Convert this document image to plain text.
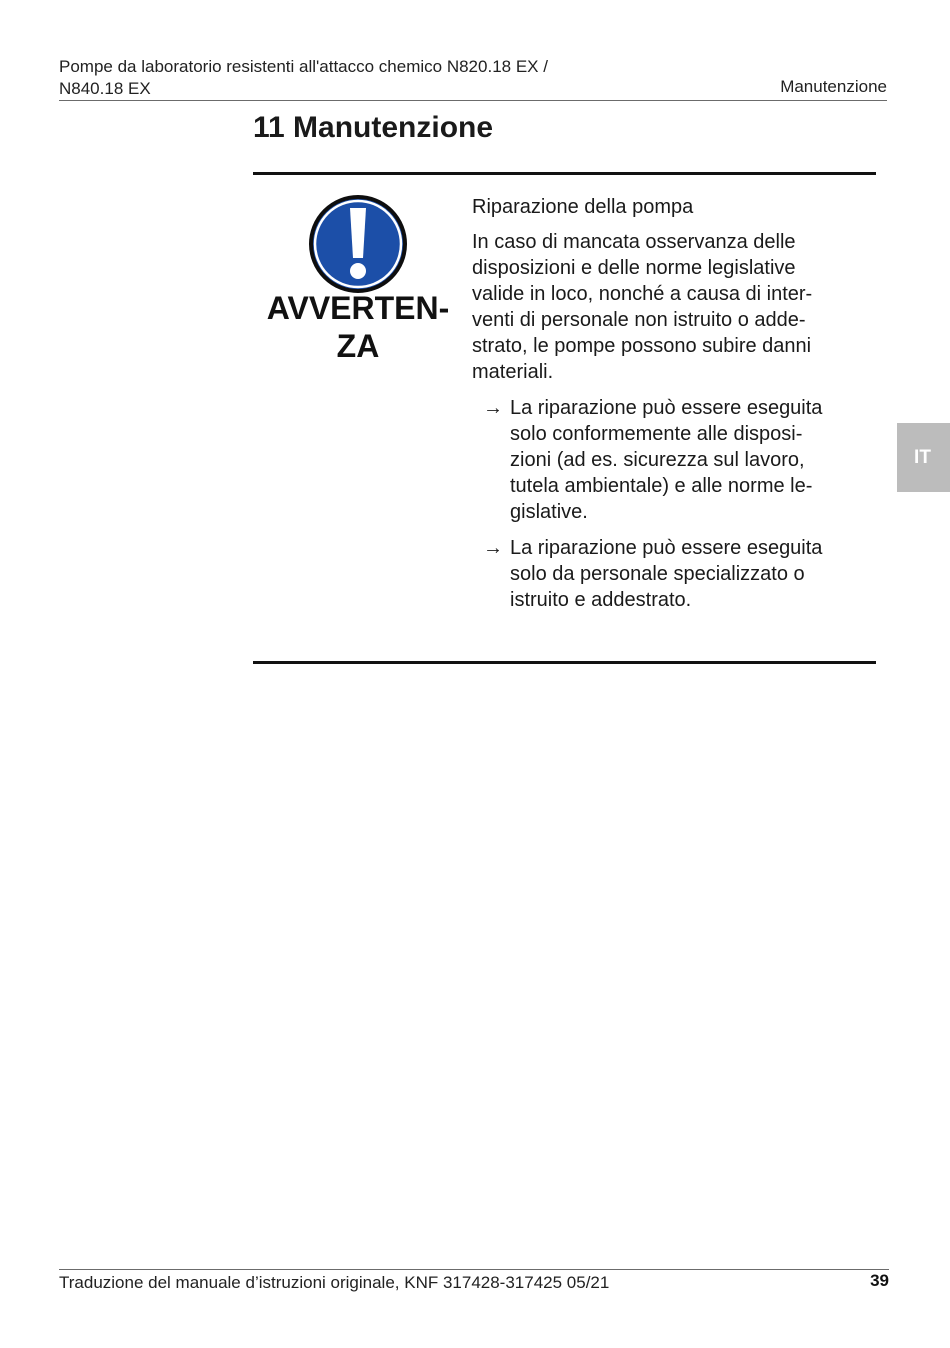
Pompe da laboratorio resistenti all'attacco chemico N820.18 EX /
N840.18 EX	Manutenzione
11 Manutenzione
AVVERTEN-
ZA

Riparazione della pompa

In caso di mancata osservanza delle
disposizioni e delle norme legislative
valide in loco, nonché a causa di inter-
venti di personale non istruito o adde-
strato, le pompe possono subire danni
materiali.

→ La riparazione può essere eseguita
solo conformemente alle disposi-
zioni (ad es. sicurezza sul lavoro,
tutela ambientale) e alle norme le-
gislative.
→ La riparazione può essere eseguita
solo da personale specializzato o
istruito e addestrato.
IT
Traduzione del manuale d’istruzioni originale, KNF 317428-317425 05/21	39
